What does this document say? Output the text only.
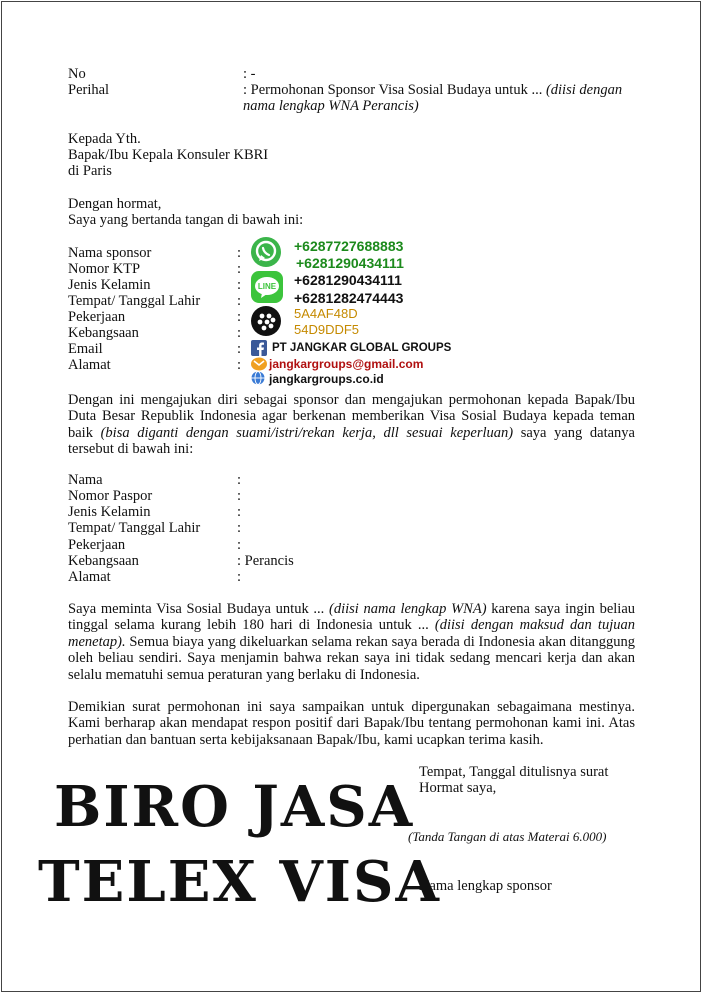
No	: -
Perihal	: Permohonan Sponsor Visa Sosial Budaya untuk ... (diisi dengan
nama lengkap WNA Perancis)
Kepada Yth.
Bapak/Ibu Kepala Konsuler KBRI
di Paris
Dengan hormat,
Saya yang bertanda tangan di bawah ini:
Nama sponsor	:
Nomor KTP	:
Jenis Kelamin	:
Tempat/ Tanggal Lahir	:
Pekerjaan	:
Kebangsaan	:
Email	:
Alamat	:
LINE
+6287727688883
+6281290434111
+6281290434111
+6281282474443
5A4AF48D
54D9DDF5
PT JANGKAR GLOBAL GROUPS
jangkargroups@gmail.com
jangkargroups.co.id
Dengan ini mengajukan diri sebagai sponsor dan mengajukan permohonan kepada Bapak/Ibu Duta Besar Republik Indonesia agar berkenan memberikan Visa Sosial Budaya kepada teman baik (bisa diganti dengan suami/istri/rekan kerja, dll sesuai keperluan) saya yang datanya tersebut di bawah ini:
Nama	:
Nomor Paspor	:
Jenis Kelamin	:
Tempat/ Tanggal Lahir	:
Pekerjaan	:
Kebangsaan	: Perancis
Alamat	:
Saya meminta Visa Sosial Budaya untuk ... (diisi nama lengkap WNA) karena saya ingin beliau tinggal selama kurang lebih 180 hari di Indonesia untuk ... (diisi dengan maksud dan tujuan menetap). Semua biaya yang dikeluarkan selama rekan saya berada di Indonesia akan ditanggung oleh beliau sendiri. Saya menjamin bahwa rekan saya ini tidak sedang mencari kerja dan akan selalu mematuhi semua peraturan yang berlaku di Indonesia.
Demikian surat permohonan ini saya sampaikan untuk dipergunakan sebagaimana mestinya. Kami berharap akan mendapat respon positif dari Bapak/Ibu tentang permohonan kami ini. Atas perhatian dan bantuan serta kebijaksanaan Bapak/Ibu, kami ucapkan terima kasih.
Tempat, Tanggal ditulisnya surat
Hormat saya,
(Tanda Tangan di atas Materai 6.000)
Nama lengkap sponsor
BIRO JASA
TELEX VISA
